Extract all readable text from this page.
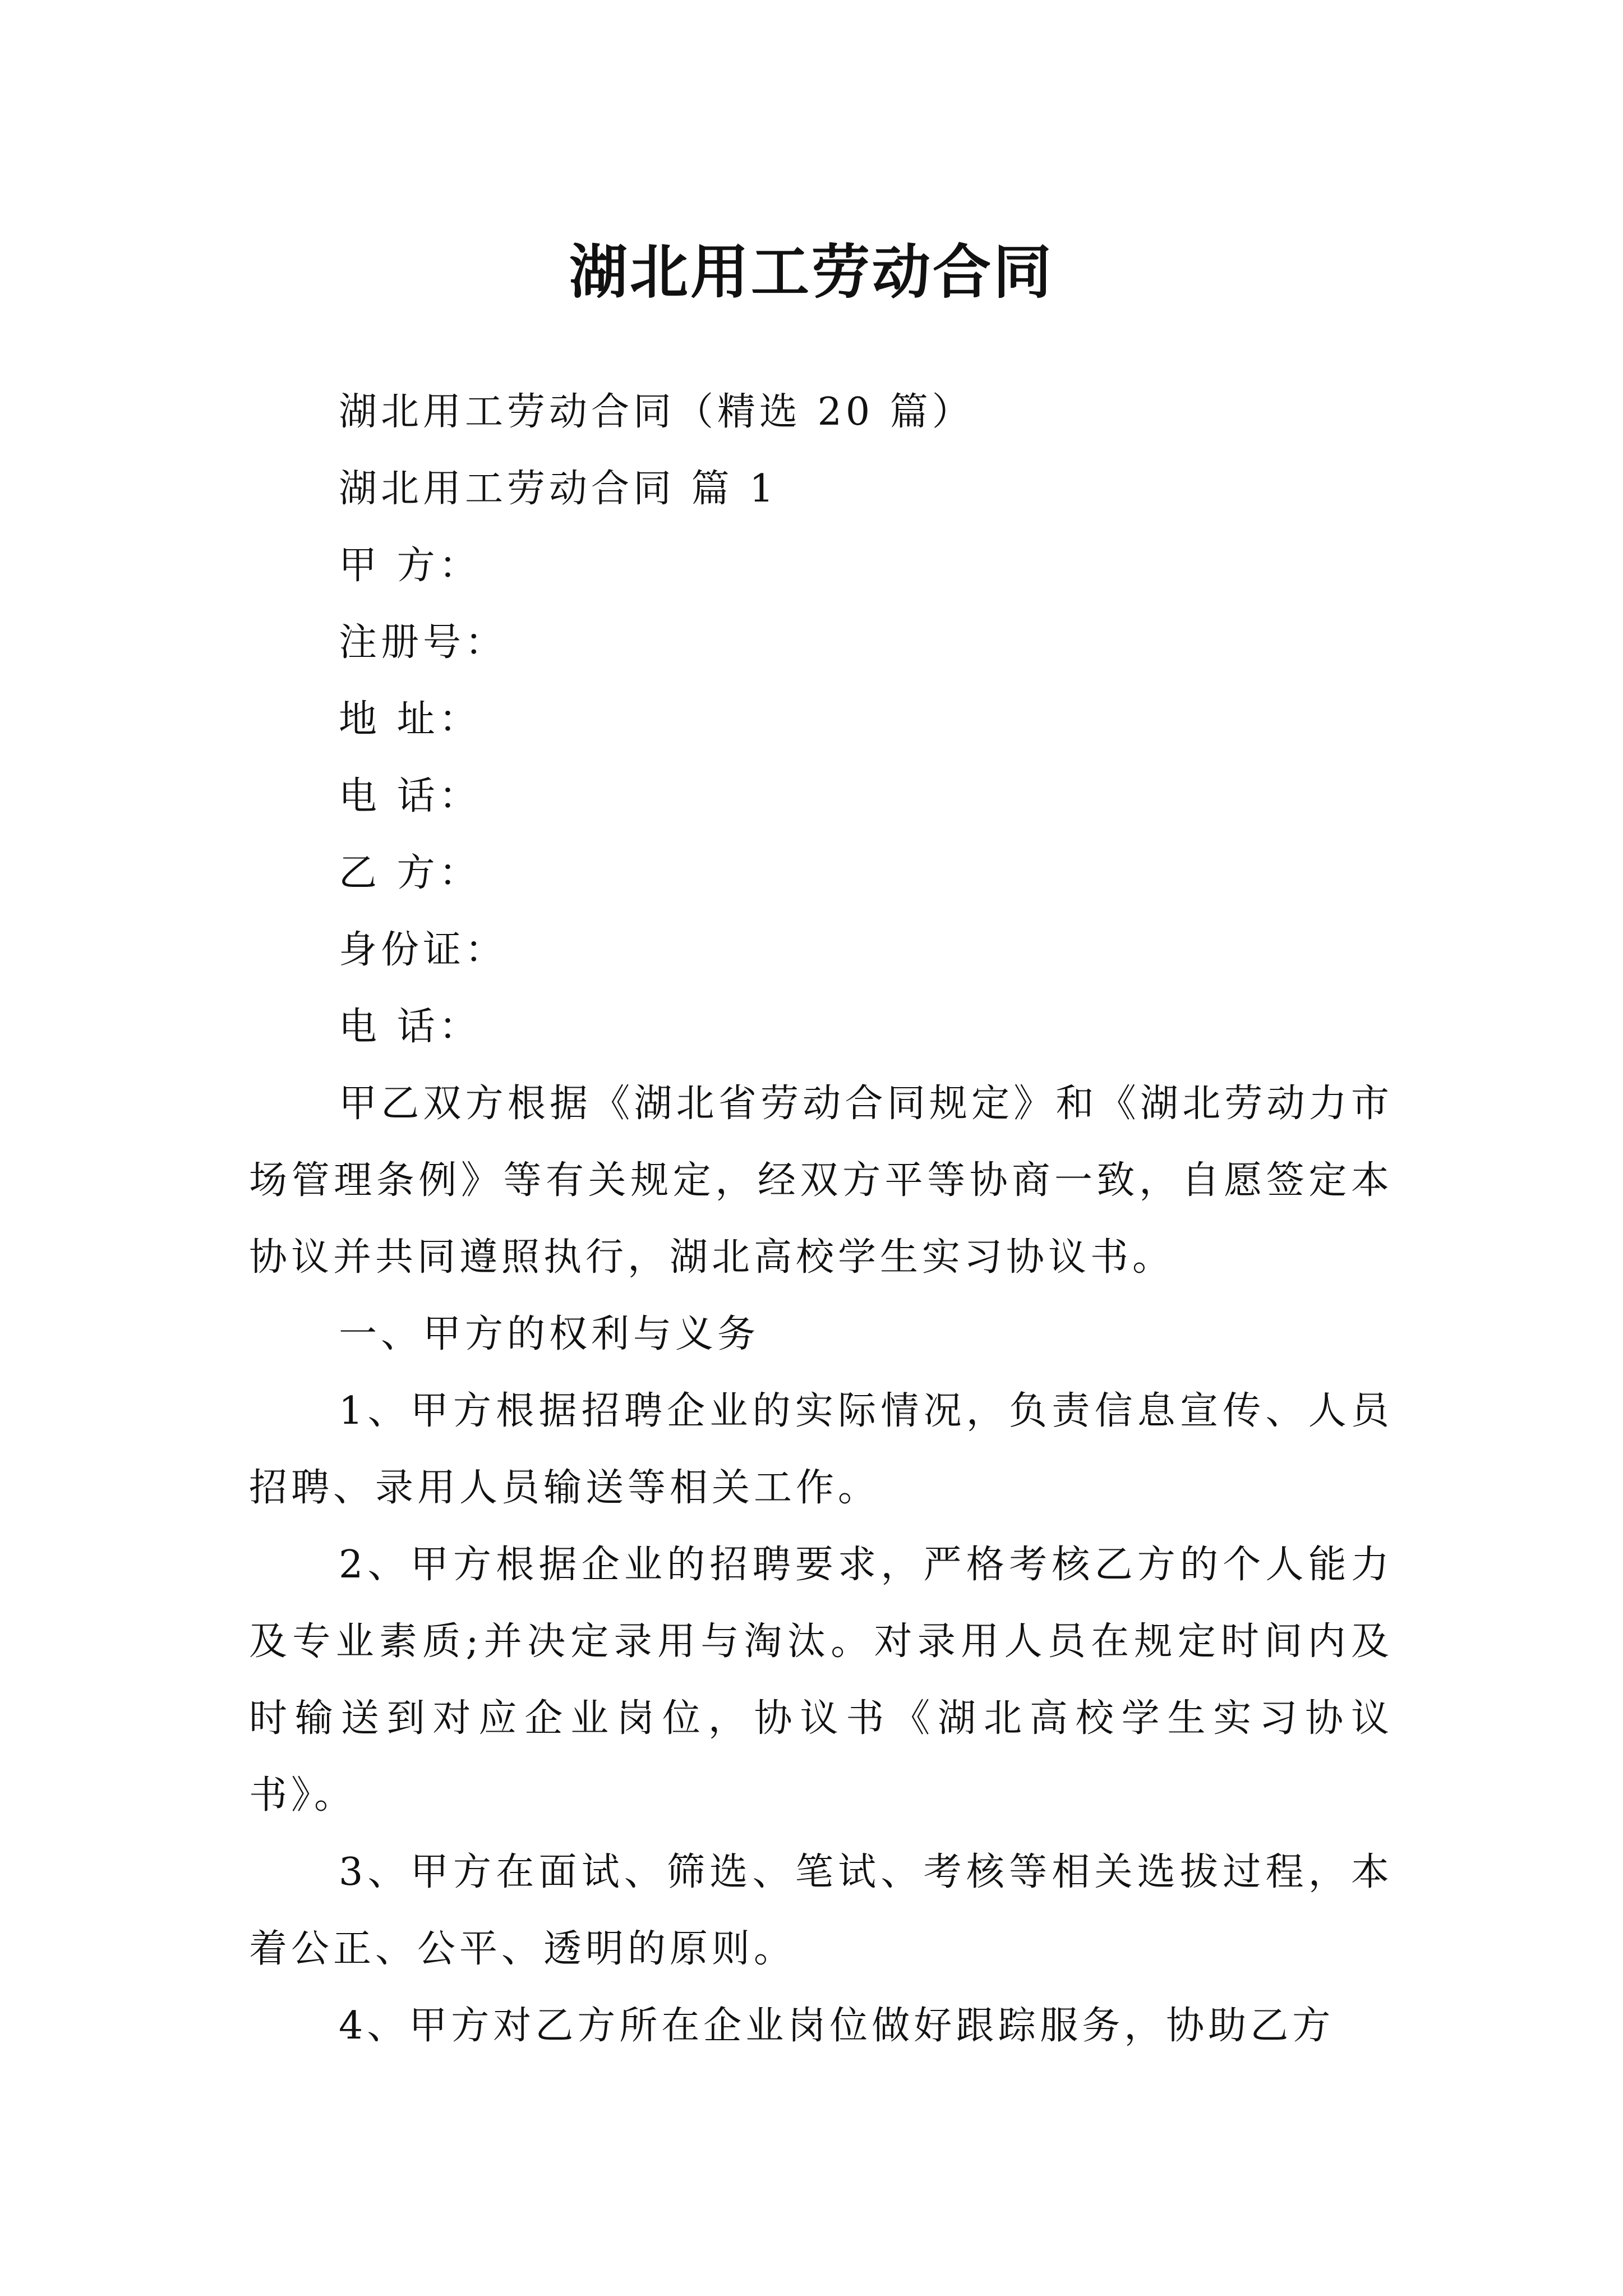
湖北用工劳动合同

湖北用工劳动合同（精选 20 篇）

湖北用工劳动合同 篇 1

甲 方：

注册号：

地 址：

电 话：

乙 方：

身份证：

电 话：

甲乙双方根据《湖北省劳动合同规定》和《湖北劳动力市场管理条例》等有关规定，经双方平等协商一致，自愿签定本协议并共同遵照执行，湖北高校学生实习协议书。

一、甲方的权利与义务

1、甲方根据招聘企业的实际情况，负责信息宣传、人员招聘、录用人员输送等相关工作。

2、甲方根据企业的招聘要求，严格考核乙方的个人能力及专业素质;并决定录用与淘汰。对录用人员在规定时间内及时输送到对应企业岗位，协议书《湖北高校学生实习协议书》。

3、甲方在面试、筛选、笔试、考核等相关选拔过程，本着公正、公平、透明的原则。

4、甲方对乙方所在企业岗位做好跟踪服务，协助乙方
